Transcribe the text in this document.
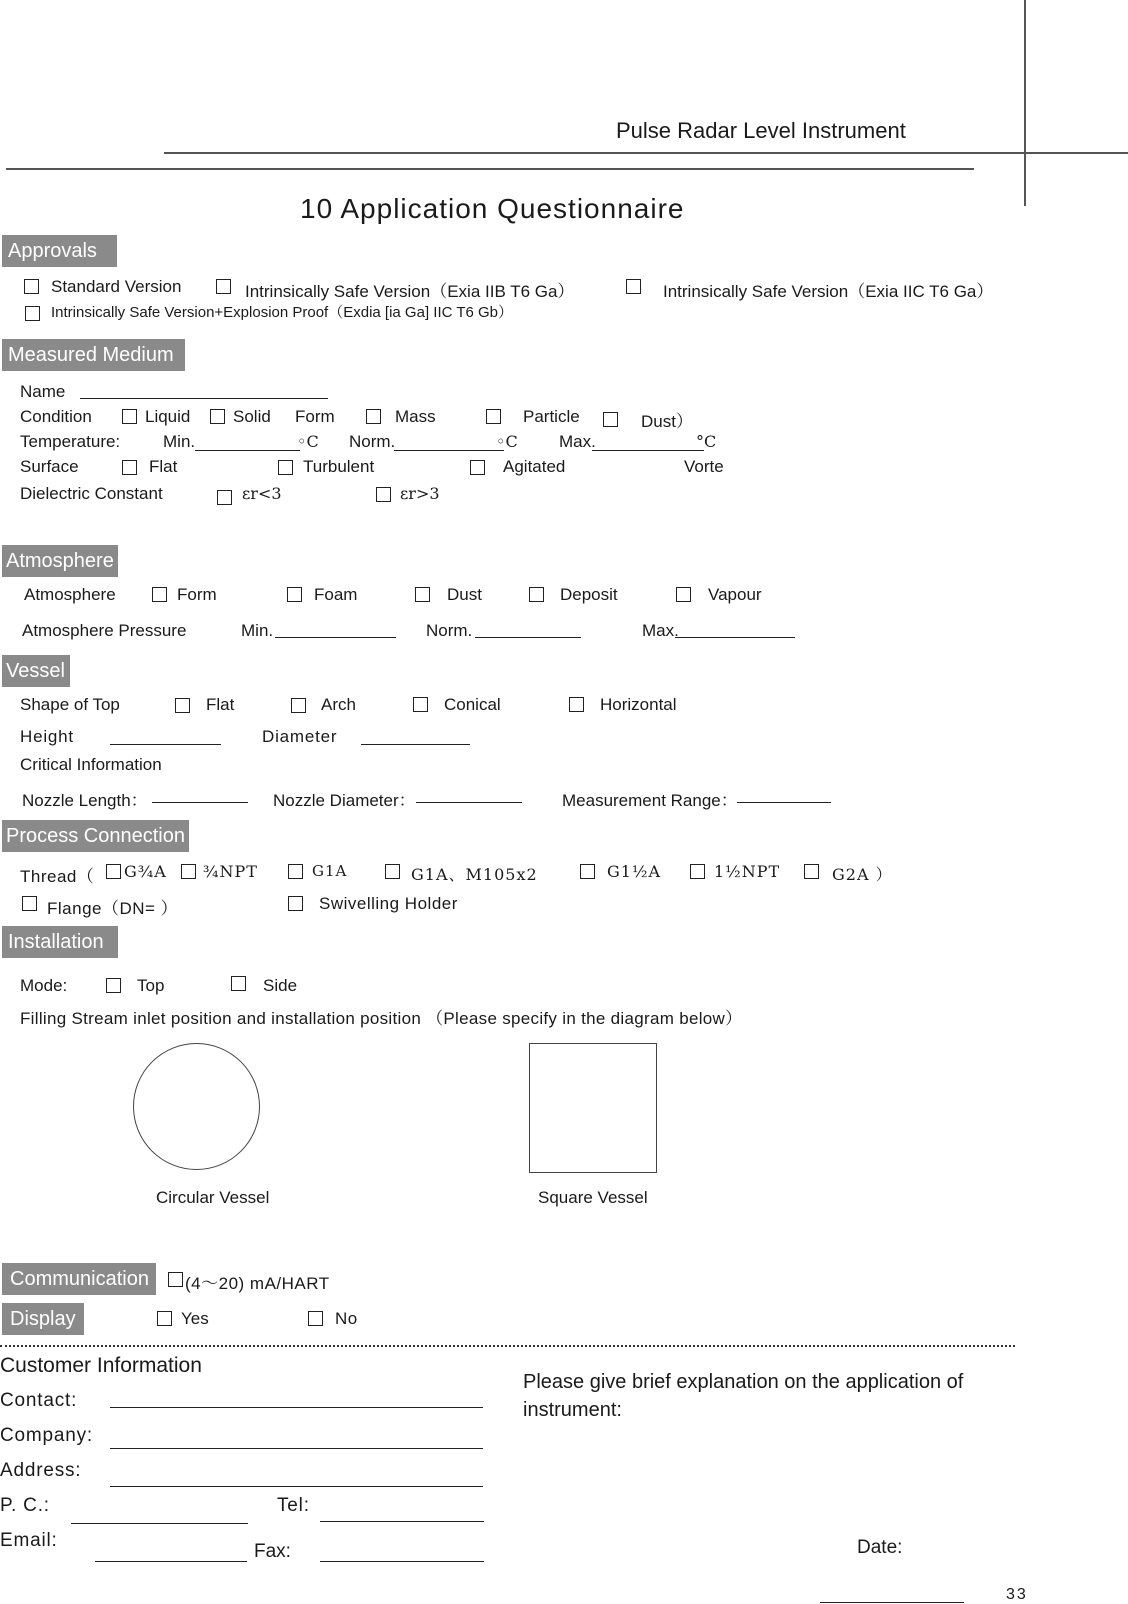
Pulse Radar Level Instrument
10 Application Questionnaire
Approvals
Standard Version	Intrinsically Safe Version（Exia IIB T6 Ga）	Intrinsically Safe Version（Exia IIC T6 Ga）
Intrinsically Safe Version+Explosion Proof（Exdia [ia Ga] IIC T6 Gb）
Measured Medium
Name
Condition	Liquid	Solid Form	Mass	Particle	Dust）
Temperature:	Min.	◦C Norm.	◦C Max.	°C
Surface	Flat	Turbulent	Agitated	Vorte
Dielectric Constant	εr<3	εr>3
Atmosphere
Atmosphere	Form	Foam	Dust	Deposit	Vapour
Atmosphere Pressure	Min.	Norm.	Max.
Vessel
Shape of Top	Flat	Arch	Conical	Horizontal
Height	Diameter
Critical Information
Nozzle Length：	Nozzle Diameter：	Measurement Range：
Process Connection
Thread（ G¾A ¾NPT	G1A	G1A、M105x2	G1½A	1½NPT	G2A ）
Flange（DN= ）	Swivelling Holder
Installation
Mode:	Top	Side
Filling Stream inlet position and installation position （Please specify in the diagram below）
Circular Vessel	Square Vessel
Communication	(4～20) mA/HART
Display	Yes	No
Customer Information
Contact:
Company:
Address:
P. C.:	Tel:
Email:
Fax:
Please give brief explanation on the application of instrument:
Date:
33
